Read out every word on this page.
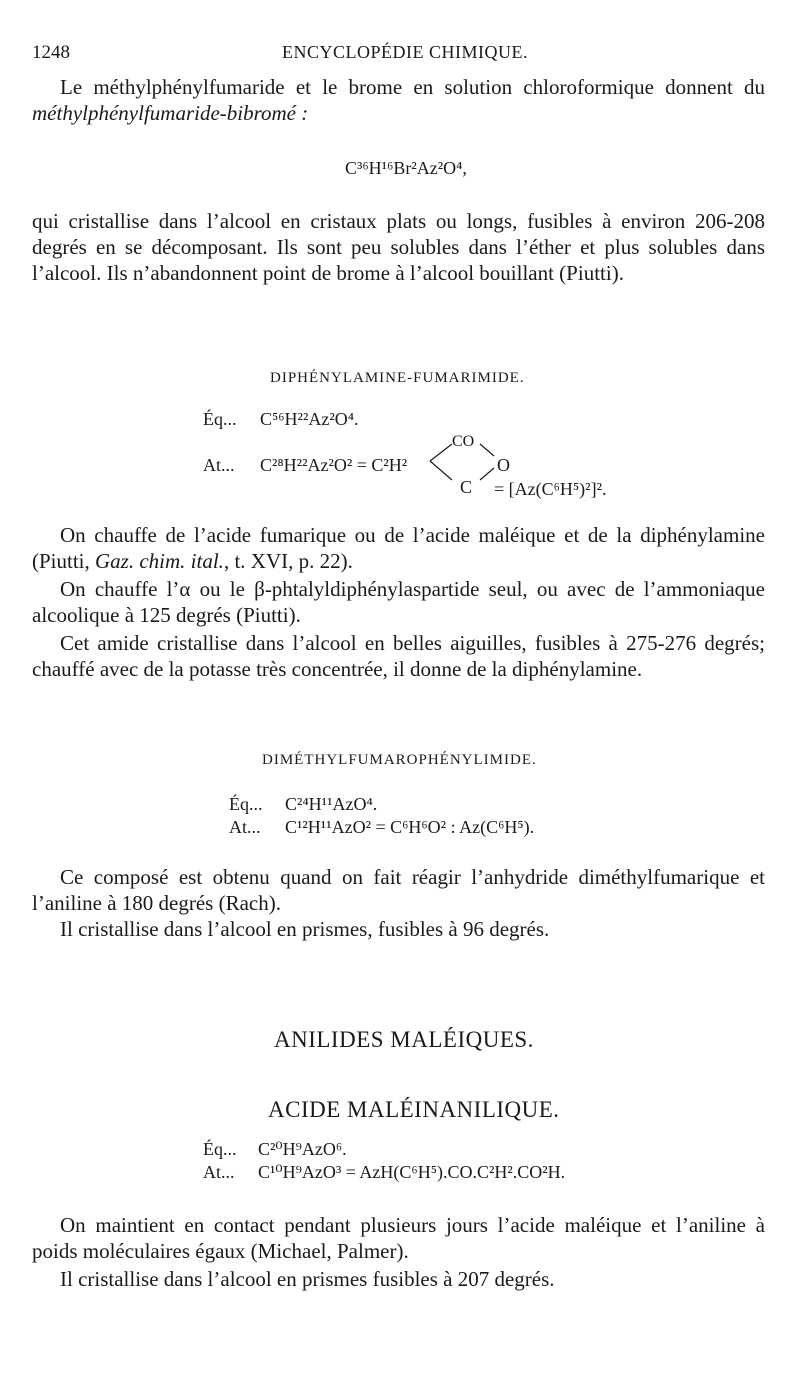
1248	ENCYCLOPÉDIE CHIMIQUE.
Le méthylphénylfumaride et le brome en solution chloroformique donnent du méthylphénylfumaride-bibromé :
C³⁶H¹⁶Br²Az²O⁴,
qui cristallise dans l’alcool en cristaux plats ou longs, fusibles à environ 206-208 degrés en se décomposant. Ils sont peu solubles dans l’éther et plus solubles dans l’alcool. Ils n’abandonnent point de brome à l’alcool bouillant (Piutti).
DIPHÉNYLAMINE-FUMARIMIDE.
Éq... C⁵⁶H²²Az²O⁴.
CO
At... C²⁸H²²Az²O² = C²H²	O
C = [Az(C⁶H⁵)²]².
On chauffe de l’acide fumarique ou de l’acide maléique et de la diphénylamine (Piutti, Gaz. chim. ital., t. XVI, p. 22).
On chauffe l’α ou le β-phtalyldiphénylaspartide seul, ou avec de l’ammoniaque alcoolique à 125 degrés (Piutti).
Cet amide cristallise dans l’alcool en belles aiguilles, fusibles à 275-276 degrés; chauffé avec de la potasse très concentrée, il donne de la diphénylamine.
DIMÉTHYLFUMAROPHÉNYLIMIDE.
Éq... C²⁴H¹¹AzO⁴.
At... C¹²H¹¹AzO² = C⁶H⁶O² : Az(C⁶H⁵).
Ce composé est obtenu quand on fait réagir l’anhydride diméthylfumarique et l’aniline à 180 degrés (Rach).
Il cristallise dans l’alcool en prismes, fusibles à 96 degrés.
ANILIDES MALÉIQUES.
ACIDE MALÉINANILIQUE.
Éq... C²⁰H⁹AzO⁶.
At... C¹⁰H⁹AzO³ = AzH(C⁶H⁵).CO.C²H².CO²H.
On maintient en contact pendant plusieurs jours l’acide maléique et l’aniline à poids moléculaires égaux (Michael, Palmer).
Il cristallise dans l’alcool en prismes fusibles à 207 degrés.
